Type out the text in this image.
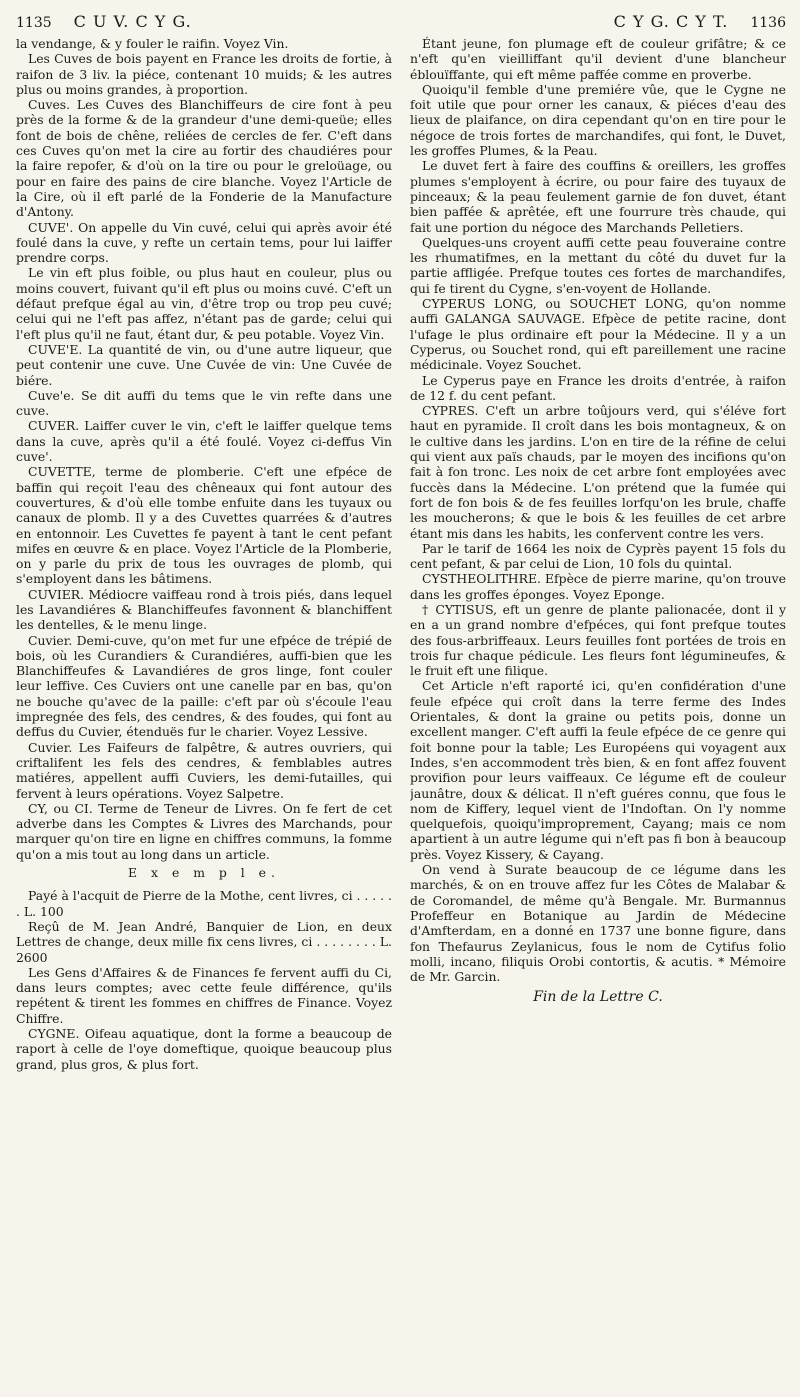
1135 C U V. C Y G.	C Y G. C Y T. 1136

la vendange, & y fouler le raifin. Voyez Vin.

Les Cuves de bois payent en France les droits de fortie, à raifon de 3 liv. la piéce, contenant 10 muids; & les autres plus ou moins grandes, à proportion.

Cuves. Les Cuves des Blanchiffeurs de cire font à peu près de la forme & de la grandeur d'une demi-queüe; elles font de bois de chêne, reliées de cercles de fer. C'eft dans ces Cuves qu'on met la cire au fortir des chaudiéres pour la faire repofer, & d'où on la tire ou pour le greloüage, ou pour en faire des pains de cire blanche. Voyez l'Article de la Cire, où il eft parlé de la Fonderie de la Manufacture d'Antony.

CUVE'. On appelle du Vin cuvé, celui qui après avoir été foulé dans la cuve, y refte un certain tems, pour lui laiffer prendre corps.

Le vin eft plus foible, ou plus haut en couleur, plus ou moins couvert, fuivant qu'il eft plus ou moins cuvé. C'eft un défaut prefque égal au vin, d'être trop ou trop peu cuvé; celui qui ne l'eft pas affez, n'étant pas de garde; celui qui l'eft plus qu'il ne faut, étant dur, & peu potable. Voyez Vin.

CUVE'E. La quantité de vin, ou d'une autre liqueur, que peut contenir une cuve. Une Cuvée de vin: Une Cuvée de biére.

Cuve'e. Se dit auffi du tems que le vin refte dans une cuve.

CUVER. Laiffer cuver le vin, c'eft le laiffer quelque tems dans la cuve, après qu'il a été foulé. Voyez ci-deffus Vin cuve'.

CUVETTE, terme de plomberie. C'eft une efpéce de baffin qui reçoit l'eau des chêneaux qui font autour des couvertures, & d'où elle tombe enfuite dans les tuyaux ou canaux de plomb. Il y a des Cuvettes quarrées & d'autres en entonnoir. Les Cuvettes fe payent à tant le cent pefant mifes en œuvre & en place. Voyez l'Article de la Plomberie, on y parle du prix de tous les ouvrages de plomb, qui s'employent dans les bâtimens.

CUVIER. Médiocre vaiffeau rond à trois piés, dans lequel les Lavandiéres & Blanchiffeufes favonnent & blanchiffent les dentelles, & le menu linge.

Cuvier. Demi-cuve, qu'on met fur une efpéce de trépié de bois, où les Curandiers & Curandiéres, auffi-bien que les Blanchiffeufes & Lavandiéres de gros linge, font couler leur leffive. Ces Cuviers ont une canelle par en bas, qu'on ne bouche qu'avec de la paille: c'eft par où s'écoule l'eau impregnée des fels, des cendres, & des foudes, qui font au deffus du Cuvier, étenduës fur le charier. Voyez Lessive.

Cuvier. Les Faifeurs de falpêtre, & autres ouvriers, qui criftalifent les fels des cendres, & femblables autres matiéres, appellent auffi Cuviers, les demi-futailles, qui fervent à leurs opérations. Voyez Salpetre.

CY, ou CI. Terme de Teneur de Livres. On fe fert de cet adverbe dans les Comptes & Livres des Marchands, pour marquer qu'on tire en ligne en chiffres communs, la fomme qu'on a mis tout au long dans un article.

E x e m p l e.

Payé à l'acquit de Pierre de la Mothe, cent livres, ci . . . . . . L. 100

Reçû de M. Jean André, Banquier de Lion, en deux Lettres de change, deux mille fix cens livres, ci . . . . . . . . L. 2600

Les Gens d'Affaires & de Finances fe fervent auffi du Ci, dans leurs comptes; avec cette feule différence, qu'ils repétent & tirent les fommes en chiffres de Finance. Voyez Chiffre.

CYGNE. Oifeau aquatique, dont la forme a beaucoup de raport à celle de l'oye domeftique, quoique beaucoup plus grand, plus gros, & plus fort.

Étant jeune, fon plumage eft de couleur grifâtre; & ce n'eft qu'en vieilliffant qu'il devient d'une blancheur éblouïffante, qui eft même paffée comme en proverbe.

Quoiqu'il femble d'une premiére vûe, que le Cygne ne foit utile que pour orner les canaux, & piéces d'eau des lieux de plaifance, on dira cependant qu'on en tire pour le négoce de trois fortes de marchandifes, qui font, le Duvet, les groffes Plumes, & la Peau.

Le duvet fert à faire des couffins & oreillers, les groffes plumes s'employent à écrire, ou pour faire des tuyaux de pinceaux; & la peau feulement garnie de fon duvet, étant bien paffée & aprêtée, eft une fourrure très chaude, qui fait une portion du négoce des Marchands Pelletiers.

Quelques-uns croyent auffi cette peau fouveraine contre les rhumatifmes, en la mettant du côté du duvet fur la partie affligée. Prefque toutes ces fortes de marchandifes, qui fe tirent du Cygne, s'en-voyent de Hollande.

CYPERUS LONG, ou SOUCHET LONG, qu'on nomme auffi GALANGA SAUVAGE. Efpèce de petite racine, dont l'ufage le plus ordinaire eft pour la Médecine. Il y a un Cyperus, ou Souchet rond, qui eft pareillement une racine médicinale. Voyez Souchet.

Le Cyperus paye en France les droits d'entrée, à raifon de 12 f. du cent pefant.

CYPRES. C'eft un arbre toûjours verd, qui s'éléve fort haut en pyramide. Il croît dans les bois montagneux, & on le cultive dans les jardins. L'on en tire de la réfine de celui qui vient aux païs chauds, par le moyen des incifions qu'on fait à fon tronc. Les noix de cet arbre font employées avec fuccès dans la Médecine. L'on prétend que la fumée qui fort de fon bois & de fes feuilles lorfqu'on les brule, chaffe les moucherons; & que le bois & les feuilles de cet arbre étant mis dans les habits, les confervent contre les vers.

Par le tarif de 1664 les noix de Cyprès payent 15 fols du cent pefant, & par celui de Lion, 10 fols du quintal.

CYSTHEOLITHRE. Efpèce de pierre marine, qu'on trouve dans les groffes éponges. Voyez Eponge.

† CYTISUS, eft un genre de plante palionacée, dont il y en a un grand nombre d'efpéces, qui font prefque toutes des fous-arbriffeaux. Leurs feuilles font portées de trois en trois fur chaque pédicule. Les fleurs font légumineufes, & le fruit eft une filique.

Cet Article n'eft raporté ici, qu'en confidération d'une feule efpéce qui croît dans la terre ferme des Indes Orientales, & dont la graine ou petits pois, donne un excellent manger. C'eft auffi la feule efpéce de ce genre qui foit bonne pour la table; Les Européens qui voyagent aux Indes, s'en accommodent très bien, & en font affez fouvent provifion pour leurs vaiffeaux. Ce légume eft de couleur jaunâtre, doux & délicat. Il n'eft guéres connu, que fous le nom de Kiffery, lequel vient de l'Indoftan. On l'y nomme quelquefois, quoiqu'improprement, Cayang; mais ce nom apartient à un autre légume qui n'eft pas fi bon à beaucoup près. Voyez Kissery, & Cayang.

On vend à Surate beaucoup de ce légume dans les marchés, & on en trouve affez fur les Côtes de Malabar & de Coromandel, de même qu'à Bengale. Mr. Burmannus Profeffeur en Botanique au Jardin de Médecine d'Amfterdam, en a donné en 1737 une bonne figure, dans fon Thefaurus Zeylanicus, fous le nom de Cytifus folio molli, incano, filiquis Orobi contortis, & acutis. * Mémoire de Mr. Garcin.

Fin de la Lettre C.
